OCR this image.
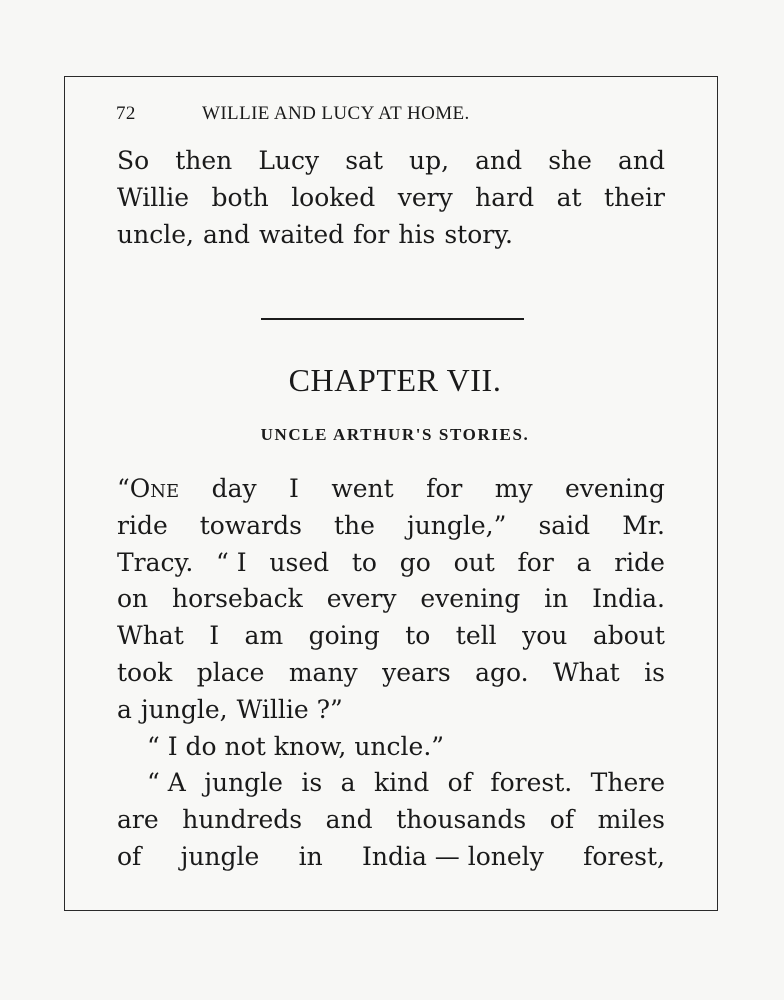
72	WILLIE AND LUCY AT HOME.
So then Lucy sat up, and she and
Willie both looked very hard at their
uncle, and waited for his story.
CHAPTER VII.
UNCLE ARTHUR'S STORIES.
“One day I went for my evening
ride towards the jungle,” said Mr.
Tracy. “ I used to go out for a ride
on horseback every evening in India.
What I am going to tell you about
took place many years ago. What is
a jungle, Willie ?”
“ I do not know, uncle.”
“ A jungle is a kind of forest. There
are hundreds and thousands of miles
of jungle in India — lonely forest,
